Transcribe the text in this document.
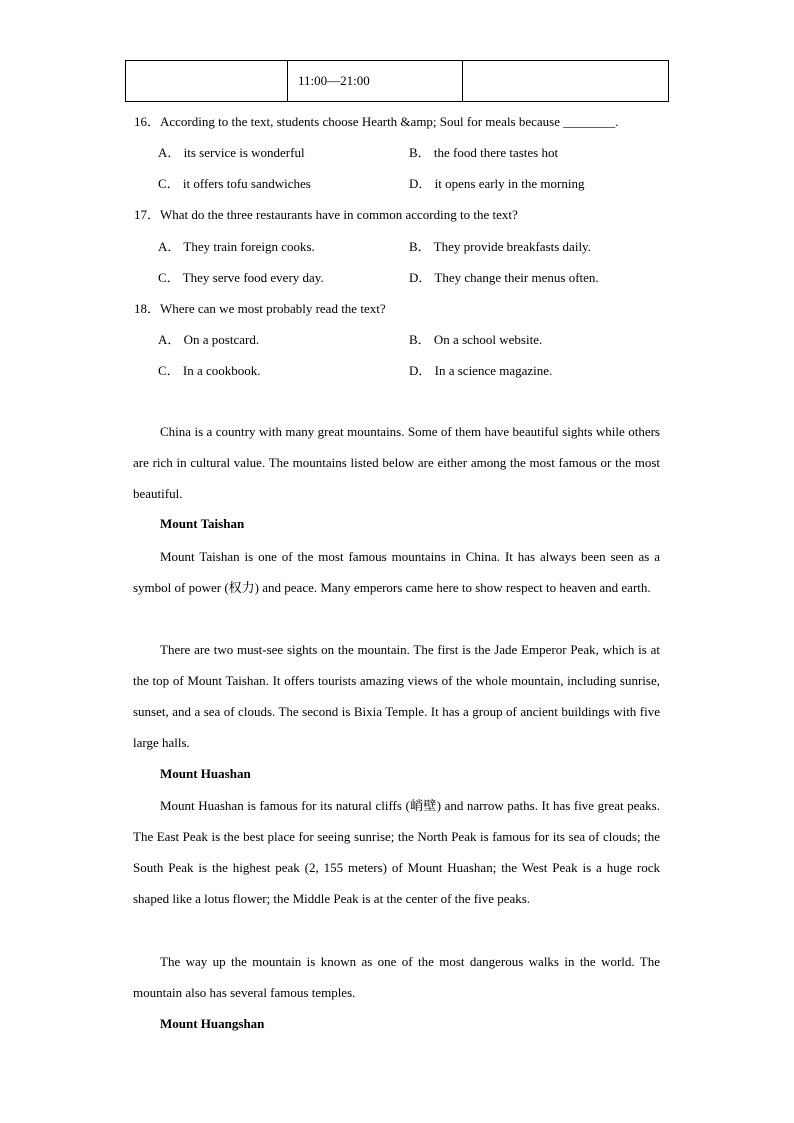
	11:00—21:00	
16．According to the text, students choose Hearth &amp; Soul for meals because ________.
A． its service is wonderful	B． the food there tastes hot
C． it offers tofu sandwiches	D． it opens early in the morning
17．What do the three restaurants have in common according to the text?
A． They train foreign cooks.	B． They provide breakfasts daily.
C． They serve food every day.	D． They change their menus often.
18．Where can we most probably read the text?
A． On a postcard.	B． On a school website.
C． In a cookbook.	D． In a science magazine.

China is a country with many great mountains. Some of them have beautiful sights while others are rich in cultural value. The mountains listed below are either among the most famous or the most beautiful.

Mount Taishan

Mount Taishan is one of the most famous mountains in China. It has always been seen as a symbol of power (权力) and peace. Many emperors came here to show respect to heaven and earth.

There are two must-see sights on the mountain. The first is the Jade Emperor Peak, which is at the top of Mount Taishan. It offers tourists amazing views of the whole mountain, including sunrise, sunset, and a sea of clouds. The second is Bixia Temple. It has a group of ancient buildings with five large halls.

Mount Huashan

Mount Huashan is famous for its natural cliffs (峭壁) and narrow paths. It has five great peaks. The East Peak is the best place for seeing sunrise; the North Peak is famous for its sea of clouds; the South Peak is the highest peak (2, 155 meters) of Mount Huashan; the West Peak is a huge rock shaped like a lotus flower; the Middle Peak is at the center of the five peaks.

The way up the mountain is known as one of the most dangerous walks in the world. The mountain also has several famous temples.

Mount Huangshan
